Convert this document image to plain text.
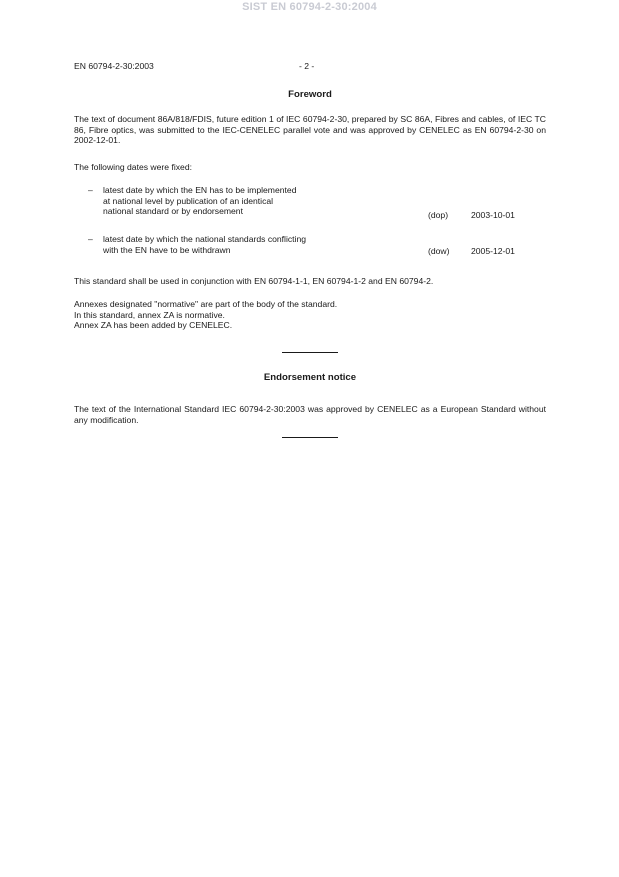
SIST EN 60794-2-30:2004
EN 60794-2-30:2003	- 2 -
Foreword
The text of document 86A/818/FDIS, future edition 1 of IEC 60794-2-30, prepared by SC 86A, Fibres and cables, of IEC TC 86, Fibre optics, was submitted to the IEC-CENELEC parallel vote and was approved by CENELEC as EN 60794-2-30 on 2002-12-01.
The following dates were fixed:
– latest date by which the EN has to be implemented
at national level by publication of an identical
national standard or by endorsement	(dop)	2003-10-01
– latest date by which the national standards conflicting
with the EN have to be withdrawn	(dow)	2005-12-01
This standard shall be used in conjunction with EN 60794-1-1, EN 60794-1-2 and EN 60794-2.
Annexes designated "normative" are part of the body of the standard.
In this standard, annex ZA is normative.
Annex ZA has been added by CENELEC.
Endorsement notice
The text of the International Standard IEC 60794-2-30:2003 was approved by CENELEC as a European Standard without any modification.
